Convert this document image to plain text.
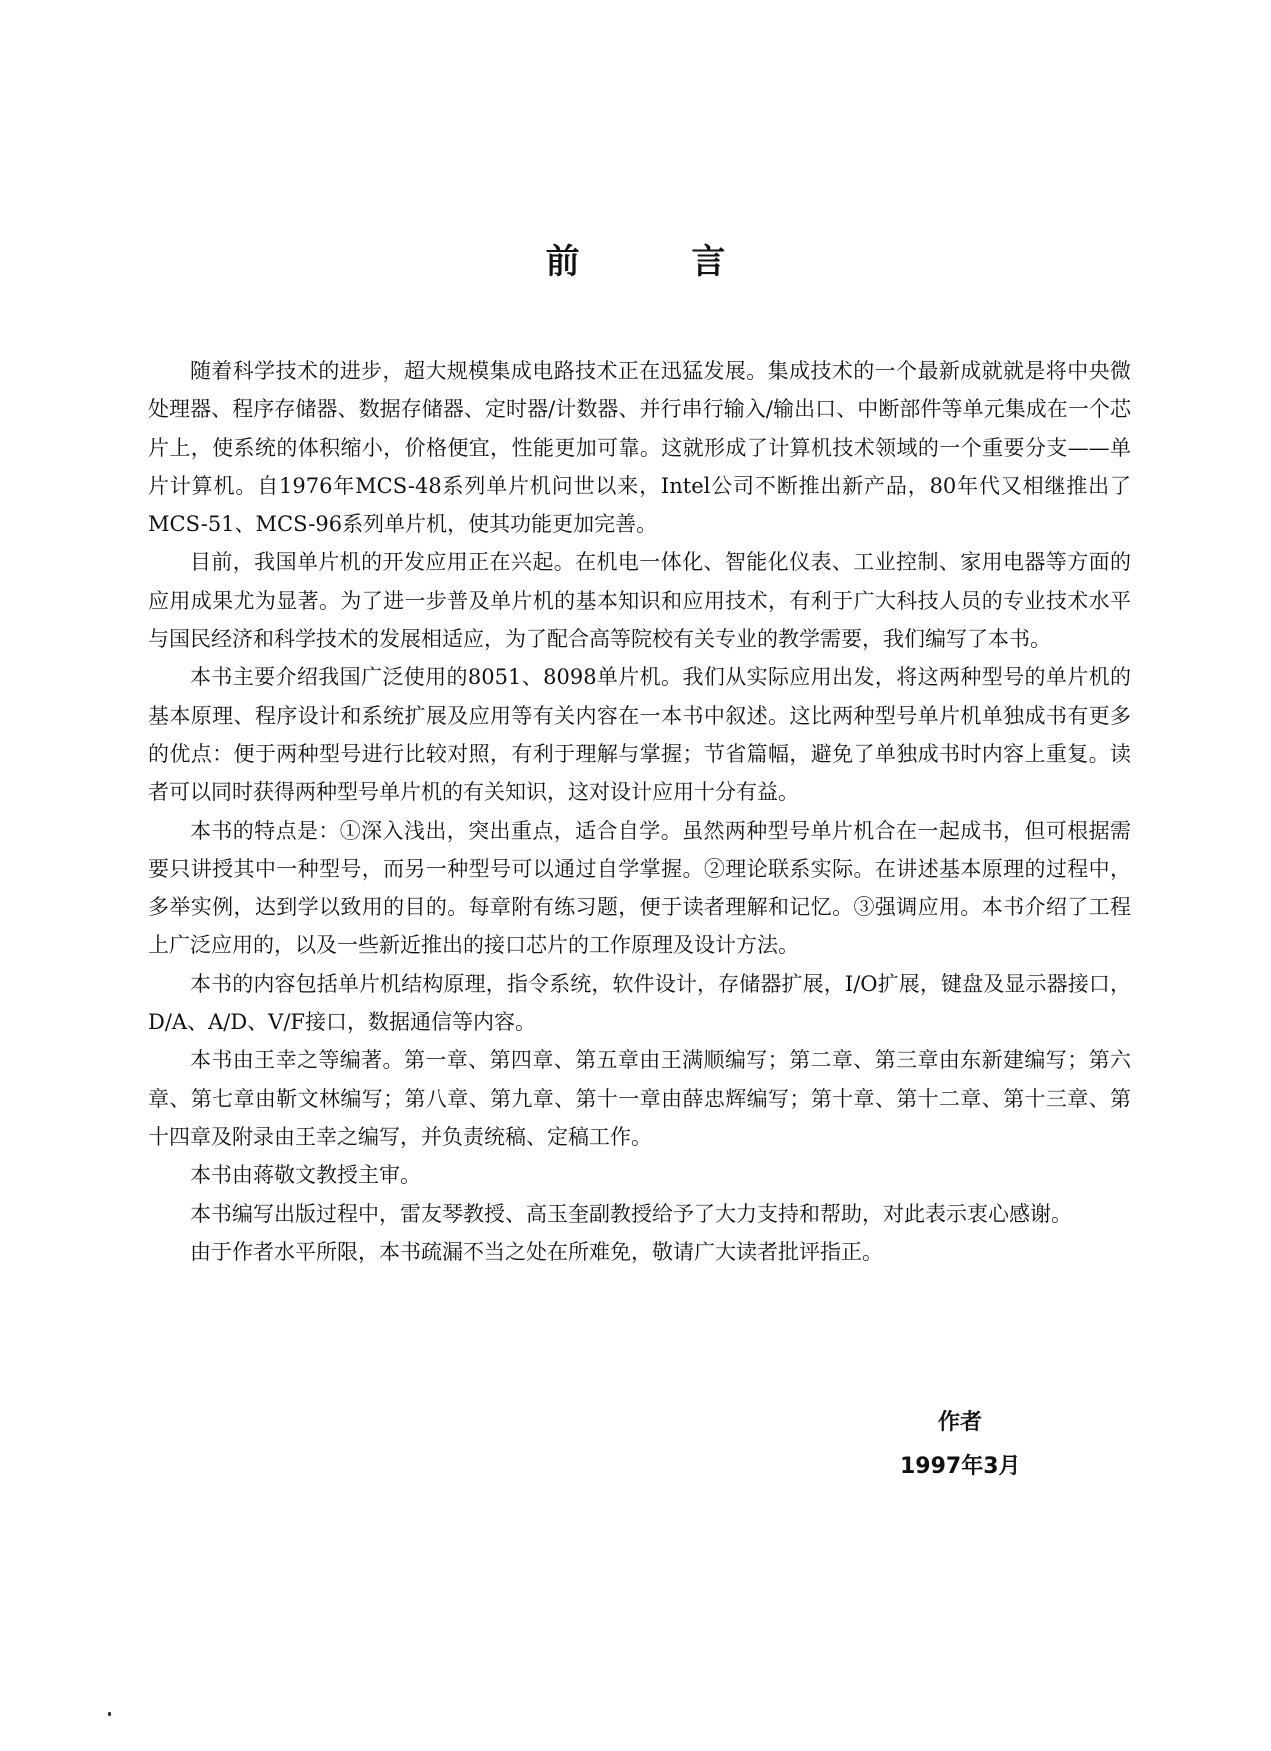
前 言

随着科学技术的进步，超大规模集成电路技术正在迅猛发展。集成技术的一个最新成就就是将中央微处理器、程序存储器、数据存储器、定时器/计数器、并行串行输入/输出口、中断部件等单元集成在一个芯片上，使系统的体积缩小，价格便宜，性能更加可靠。这就形成了计算机技术领域的一个重要分支——单片计算机。自1976年MCS-48系列单片机问世以来，Intel公司不断推出新产品，80年代又相继推出了MCS-51、MCS-96系列单片机，使其功能更加完善。

目前，我国单片机的开发应用正在兴起。在机电一体化、智能化仪表、工业控制、家用电器等方面的应用成果尤为显著。为了进一步普及单片机的基本知识和应用技术，有利于广大科技人员的专业技术水平与国民经济和科学技术的发展相适应，为了配合高等院校有关专业的教学需要，我们编写了本书。

本书主要介绍我国广泛使用的8051、8098单片机。我们从实际应用出发，将这两种型号的单片机的基本原理、程序设计和系统扩展及应用等有关内容在一本书中叙述。这比两种型号单片机单独成书有更多的优点：便于两种型号进行比较对照，有利于理解与掌握；节省篇幅，避免了单独成书时内容上重复。读者可以同时获得两种型号单片机的有关知识，这对设计应用十分有益。

本书的特点是：①深入浅出，突出重点，适合自学。虽然两种型号单片机合在一起成书，但可根据需要只讲授其中一种型号，而另一种型号可以通过自学掌握。②理论联系实际。在讲述基本原理的过程中，多举实例，达到学以致用的目的。每章附有练习题，便于读者理解和记忆。③强调应用。本书介绍了工程上广泛应用的，以及一些新近推出的接口芯片的工作原理及设计方法。

本书的内容包括单片机结构原理，指令系统，软件设计，存储器扩展，I/O扩展，键盘及显示器接口，D/A、A/D、V/F接口，数据通信等内容。

本书由王幸之等编著。第一章、第四章、第五章由王满顺编写；第二章、第三章由东新建编写；第六章、第七章由靳文林编写；第八章、第九章、第十一章由薛忠辉编写；第十章、第十二章、第十三章、第十四章及附录由王幸之编写，并负责统稿、定稿工作。

本书由蒋敬文教授主审。

本书编写出版过程中，雷友琴教授、高玉奎副教授给予了大力支持和帮助，对此表示衷心感谢。

由于作者水平所限，本书疏漏不当之处在所难免，敬请广大读者批评指正。

作者
1997年3月
